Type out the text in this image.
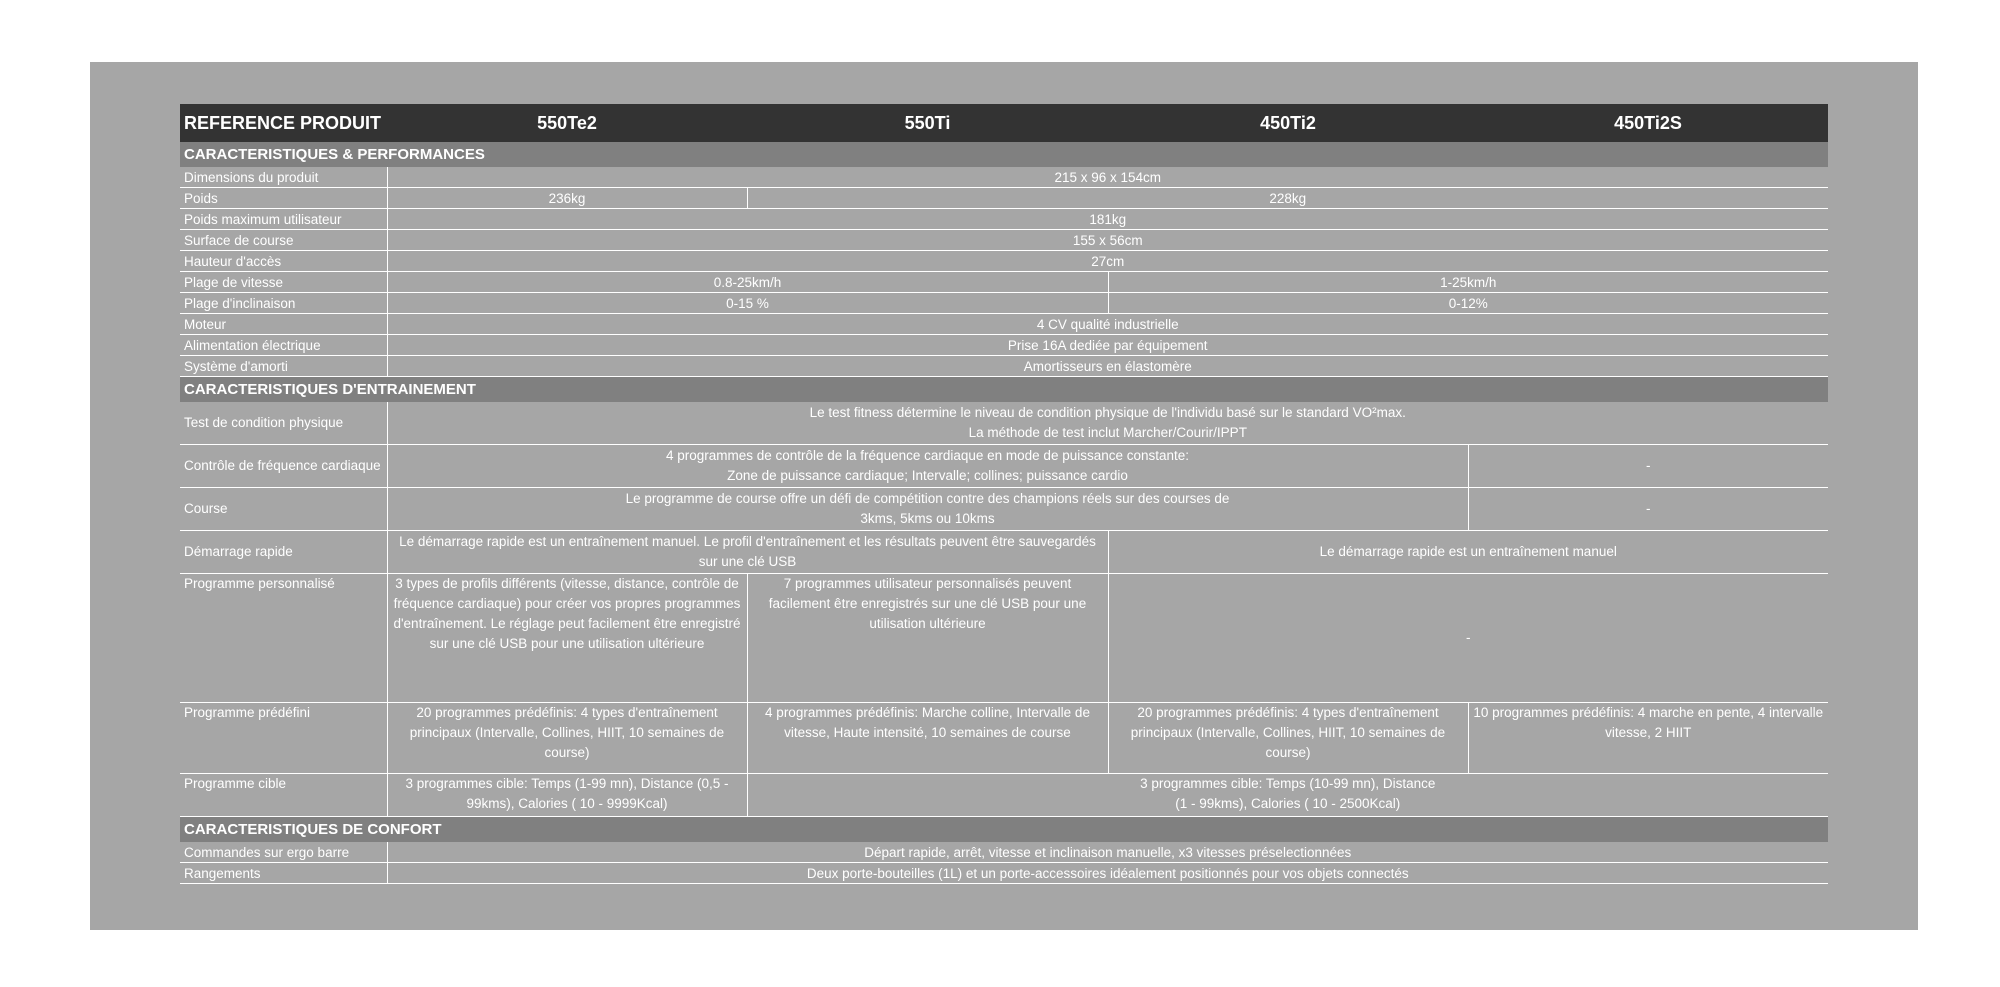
REFERENCE PRODUIT	550Te2	550Ti	450Ti2	450Ti2S
CARACTERISTIQUES & PERFORMANCES				
Dimensions du produit	215 x 96 x 154cm			
Poids	236kg	228kg		
Poids maximum utilisateur	181kg			
Surface de course	155 x 56cm			
Hauteur d'accès	27cm			
Plage de vitesse	0.8-25km/h		1-25km/h	
Plage d'inclinaison	0-15 %		0-12%	
Moteur	4 CV qualité industrielle			
Alimentation électrique	Prise 16A dediée par équipement			
Système d'amorti	Amortisseurs en élastomère			
CARACTERISTIQUES D'ENTRAINEMENT				
Test de condition physique	Le test fitness détermine le niveau de condition physique de l'individu basé sur le standard VO²max.
La méthode de test inclut Marcher/Courir/IPPT			

Contrôle de fréquence cardiaque	4 programmes de contrôle de la fréquence cardiaque en mode de puissance constante:
Zone de puissance cardiaque; Intervalle; collines; puissance cardio			-
Course	Le programme de course offre un défi de compétition contre des champions réels sur des courses de
3kms, 5kms ou 10kms			-
Démarrage rapide	Le démarrage rapide est un entraînement manuel. Le profil d'entraînement et les résultats peuvent être sauvegardés sur une clé USB		Le démarrage rapide est un entraînement manuel	
Programme personnalisé	3 types de profils différents (vitesse, distance, contrôle de fréquence cardiaque) pour créer vos propres programmes d'entraînement. Le réglage peut facilement être enregistré sur une clé USB pour une utilisation ultérieure	7 programmes utilisateur personnalisés peuvent facilement être enregistrés sur une clé USB pour une utilisation ultérieure	-	
Programme prédéfini	20 programmes prédéfinis: 4 types d'entraînement principaux (Intervalle, Collines, HIIT, 10 semaines de course)	4 programmes prédéfinis: Marche colline, Intervalle de vitesse, Haute intensité, 10 semaines de course	20 programmes prédéfinis: 4 types d'entraînement principaux (Intervalle, Collines, HIIT, 10 semaines de course)	10 programmes prédéfinis: 4 marche en pente, 4 intervalle vitesse, 2 HIIT
Programme cible	3 programmes cible: Temps (1-99 mn), Distance (0,5 - 99kms), Calories ( 10 - 9999Kcal)	3 programmes cible: Temps (10-99 mn), Distance
(1 - 99kms), Calories ( 10 - 2500Kcal)		

CARACTERISTIQUES DE CONFORT				
Commandes sur ergo barre	Départ rapide, arrêt, vitesse et inclinaison manuelle, x3 vitesses préselectionnées			
Rangements	Deux porte-bouteilles (1L) et un porte-accessoires idéalement positionnés pour vos objets connectés			
